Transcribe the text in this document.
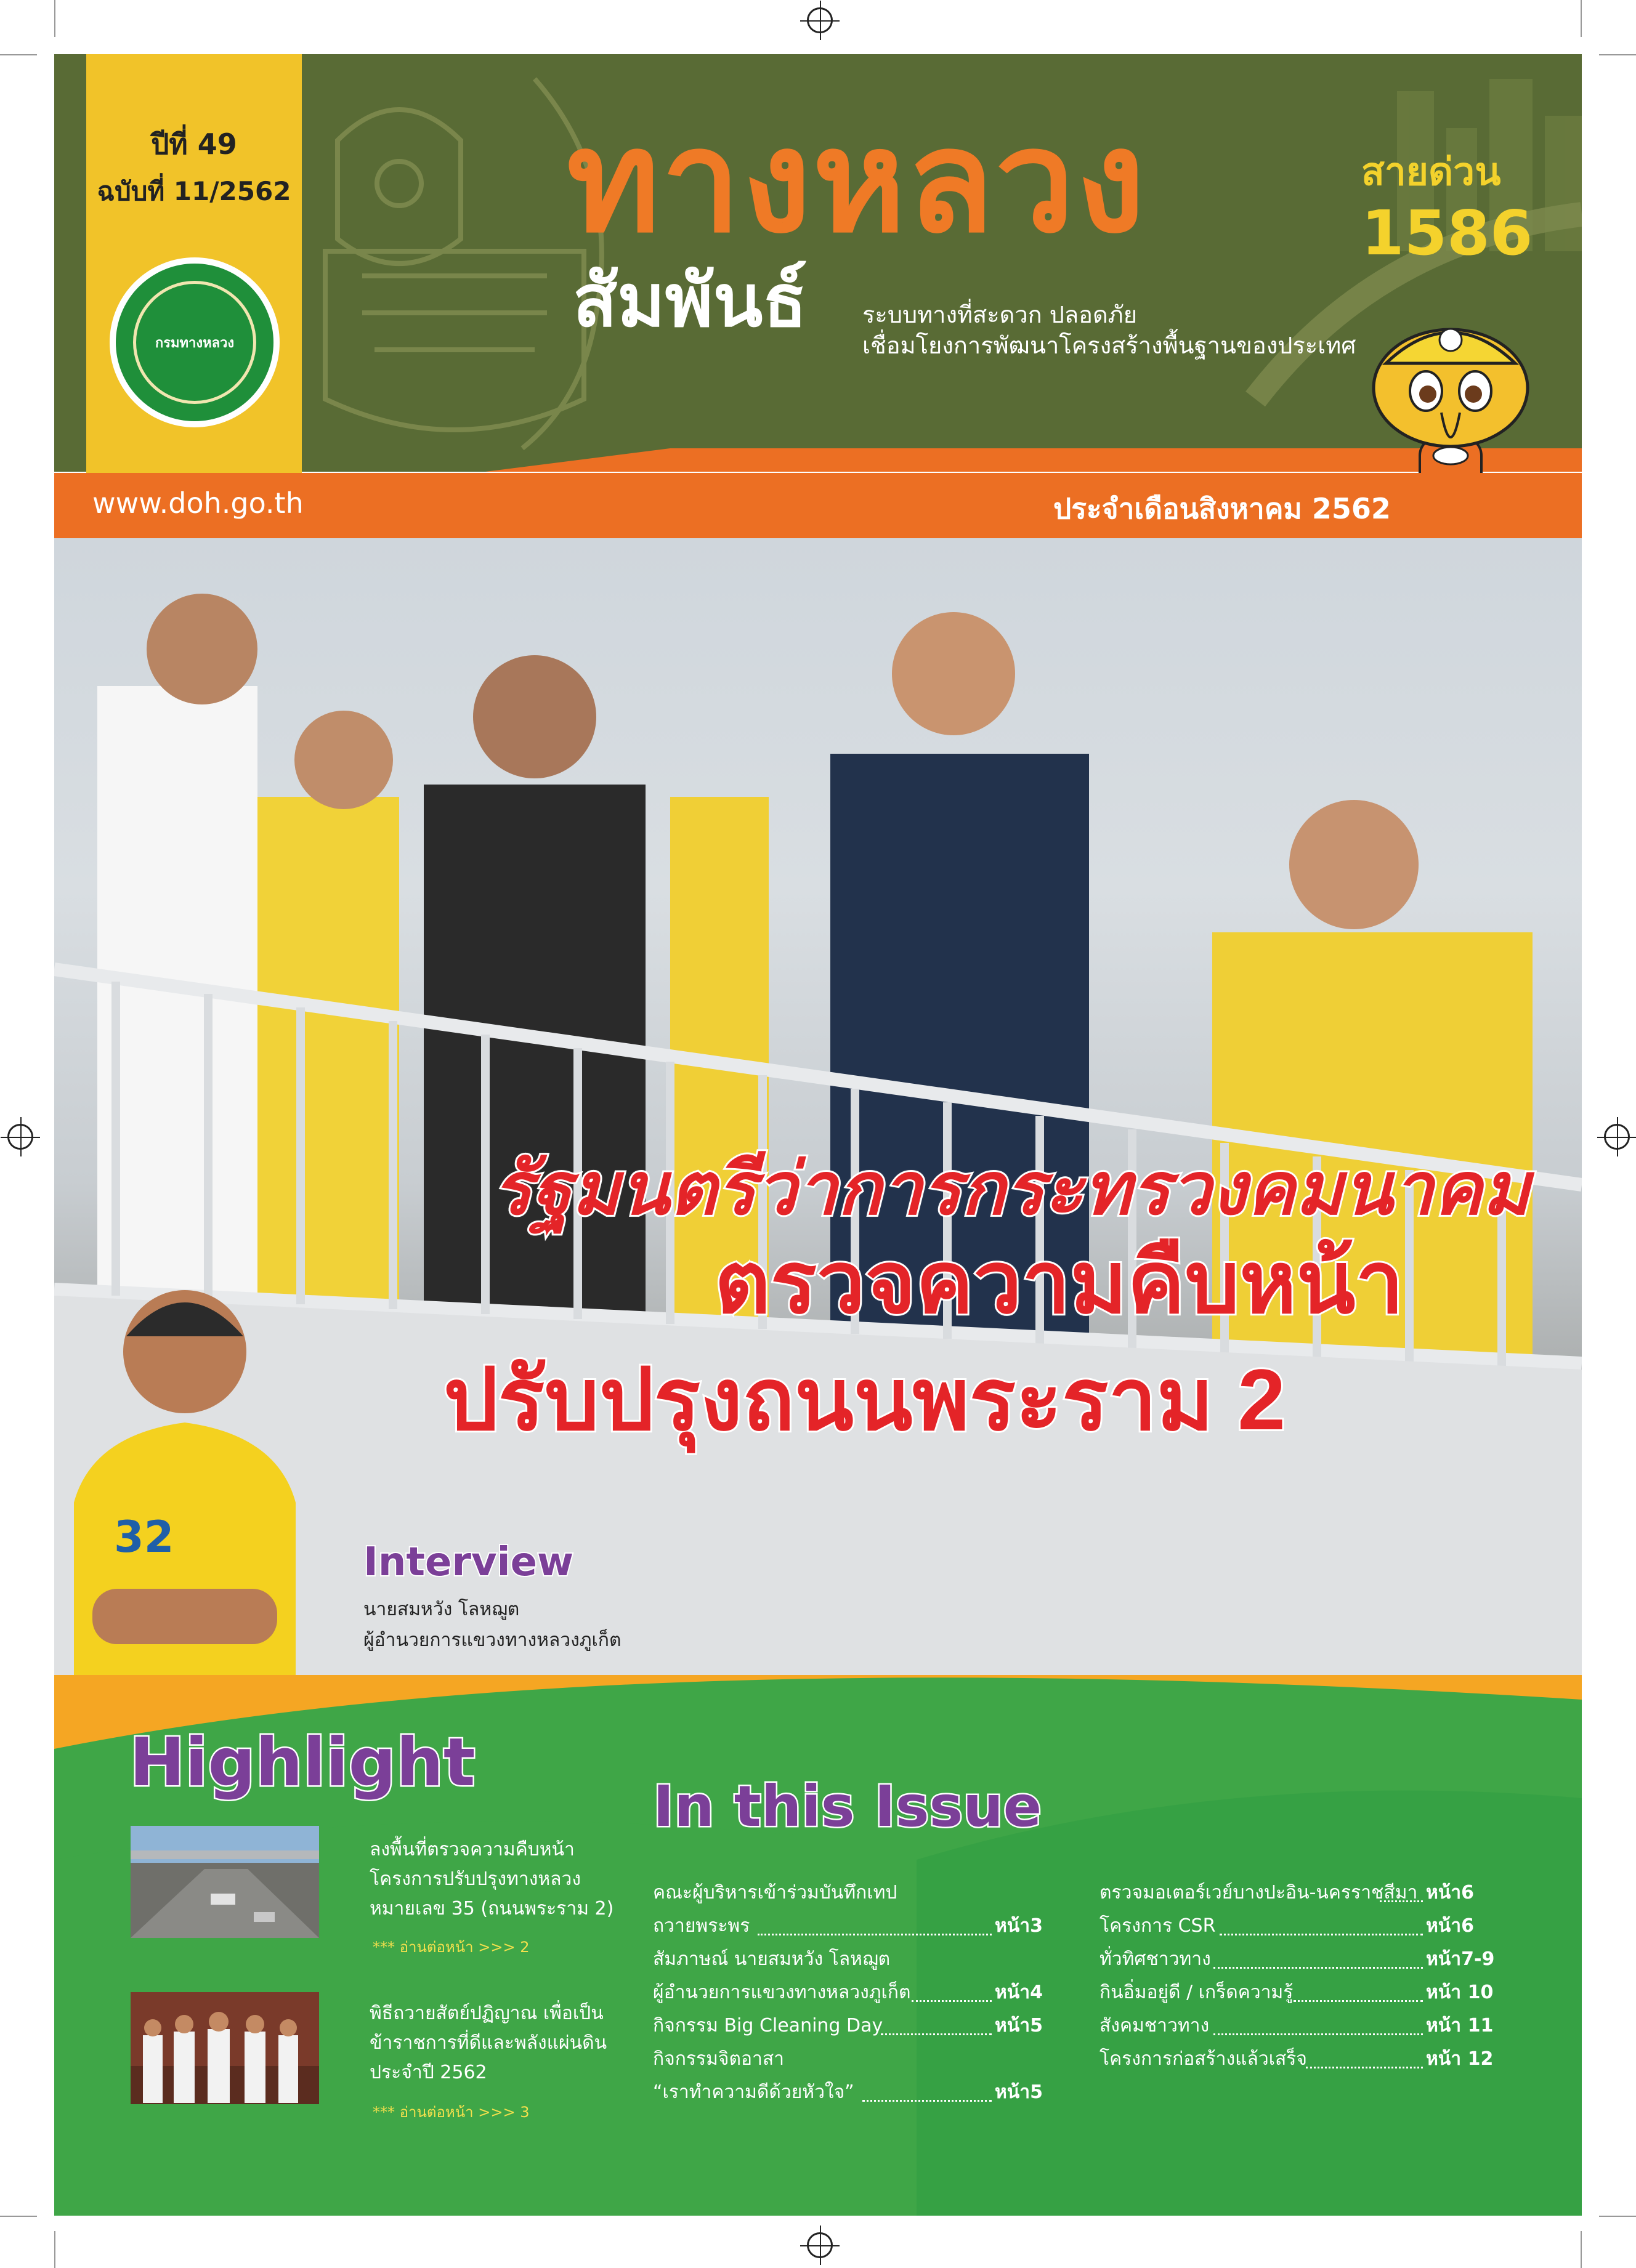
ปีที่ 49
ฉบับที่ 11/2562
กรมทางหลวง
ทางหลวง
สัมพันธ์ ระบบทางที่สะดวก ปลอดภัย
เชื่อมโยงการพัฒนาโครงสร้างพื้นฐานของประเทศ
สายด่วน
1586
www.doh.go.th	ประจำเดือนสิงหาคม 2562
รัฐมนตรีว่าการกระทรวงคมนาคม
ตรวจความคืบหน้า
ปรับปรุงถนนพระราม 2
32	Interview
นายสมหวัง โลหฌูต
ผู้อำนวยการแขวงทางหลวงภูเก็ต
Highlight
In this Issue
ลงพื้นที่ตรวจความคืบหน้า
โครงการปรับปรุงทางหลวง
หมายเลข 35 (ถนนพระราม 2)
*** อ่านต่อหน้า >>> 2
พิธีถวายสัตย์ปฏิญาณ เพื่อเป็น
ข้าราชการที่ดีและพลังแผ่นดิน
ประจำปี 2562
*** อ่านต่อหน้า >>> 3
คณะผู้บริหารเข้าร่วมบันทึกเทป
ถวายพระพร	หน้า3
สัมภาษณ์ นายสมหวัง โลหฌูต
ผู้อำนวยการแขวงทางหลวงภูเก็ต	หน้า4
กิจกรรม Big Cleaning Day	หน้า5
กิจกรรมจิตอาสา
“เราทำความดีด้วยหัวใจ”	หน้า5
ตรวจมอเตอร์เวย์บางปะอิน-นครราชสีมา หน้า6
โครงการ CSR	หน้า6
ทั่วทิศชาวทาง	หน้า7-9
กินอิ่มอยู่ดี / เกร็ดความรู้	หน้า 10
สังคมชาวทาง	หน้า 11
โครงการก่อสร้างแล้วเสร็จ	หน้า 12
